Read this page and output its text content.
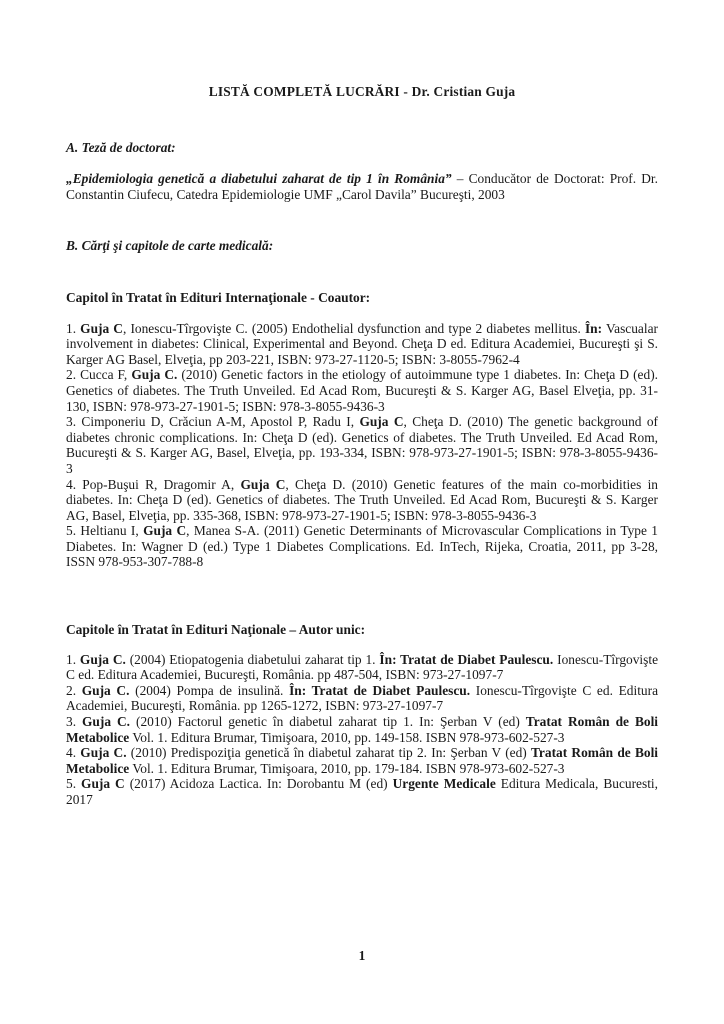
LISTĂ COMPLETĂ LUCRĂRI - Dr. Cristian Guja

A. Teză de doctorat:

„Epidemiologia genetică a diabetului zaharat de tip 1 în România” – Conducător de Doctorat: Prof. Dr. Constantin Ciufecu, Catedra Epidemiologie UMF „Carol Davila” Bucureşti, 2003

B. Cărţi şi capitole de carte medicală:

Capitol în Tratat în Edituri Internaţionale - Coautor:

1. Guja C, Ionescu-Tîrgovişte C. (2005) Endothelial dysfunction and type 2 diabetes mellitus. În: Vascualar involvement in diabetes: Clinical, Experimental and Beyond. Cheţa D ed. Editura Academiei, Bucureşti şi S. Karger AG Basel, Elveţia, pp 203-221, ISBN: 973-27-1120-5; ISBN: 3-8055-7962-4

2. Cucca F, Guja C. (2010) Genetic factors in the etiology of autoimmune type 1 diabetes. In: Cheţa D (ed). Genetics of diabetes. The Truth Unveiled. Ed Acad Rom, Bucureşti & S. Karger AG, Basel Elveţia, pp. 31-130, ISBN: 978-973-27-1901-5; ISBN: 978-3-8055-9436-3

3. Cimponeriu D, Crăciun A-M, Apostol P, Radu I, Guja C, Cheţa D. (2010) The genetic background of diabetes chronic complications. In: Cheţa D (ed). Genetics of diabetes. The Truth Unveiled. Ed Acad Rom, Bucureşti & S. Karger AG, Basel, Elveţia, pp. 193-334, ISBN: 978-973-27-1901-5; ISBN: 978-3-8055-9436-3

4. Pop-Buşui R, Dragomir A, Guja C, Cheţa D. (2010) Genetic features of the main co-morbidities in diabetes. In: Cheţa D (ed). Genetics of diabetes. The Truth Unveiled. Ed Acad Rom, Bucureşti & S. Karger AG, Basel, Elveţia, pp. 335-368, ISBN: 978-973-27-1901-5; ISBN: 978-3-8055-9436-3

5. Heltianu I, Guja C, Manea S-A. (2011) Genetic Determinants of Microvascular Complications in Type 1 Diabetes. In: Wagner D (ed.) Type 1 Diabetes Complications. Ed. InTech, Rijeka, Croatia, 2011, pp 3-28, ISSN 978-953-307-788-8

Capitole în Tratat în Edituri Naţionale – Autor unic:

1. Guja C. (2004) Etiopatogenia diabetului zaharat tip 1. În: Tratat de Diabet Paulescu. Ionescu-Tîrgovişte C ed. Editura Academiei, Bucureşti, România. pp 487-504, ISBN: 973-27-1097-7

2. Guja C. (2004) Pompa de insulină. În: Tratat de Diabet Paulescu. Ionescu-Tîrgovişte C ed. Editura Academiei, Bucureşti, România. pp 1265-1272, ISBN: 973-27-1097-7

3. Guja C. (2010) Factorul genetic în diabetul zaharat tip 1. In: Şerban V (ed) Tratat Român de Boli Metabolice Vol. 1. Editura Brumar, Timişoara, 2010, pp. 149-158. ISBN 978-973-602-527-3

4. Guja C. (2010) Predispoziţia genetică în diabetul zaharat tip 2. In: Şerban V (ed) Tratat Român de Boli Metabolice Vol. 1. Editura Brumar, Timişoara, 2010, pp. 179-184. ISBN 978-973-602-527-3

5. Guja C (2017) Acidoza Lactica. In: Dorobantu M (ed) Urgente Medicale Editura Medicala, Bucuresti, 2017

1
